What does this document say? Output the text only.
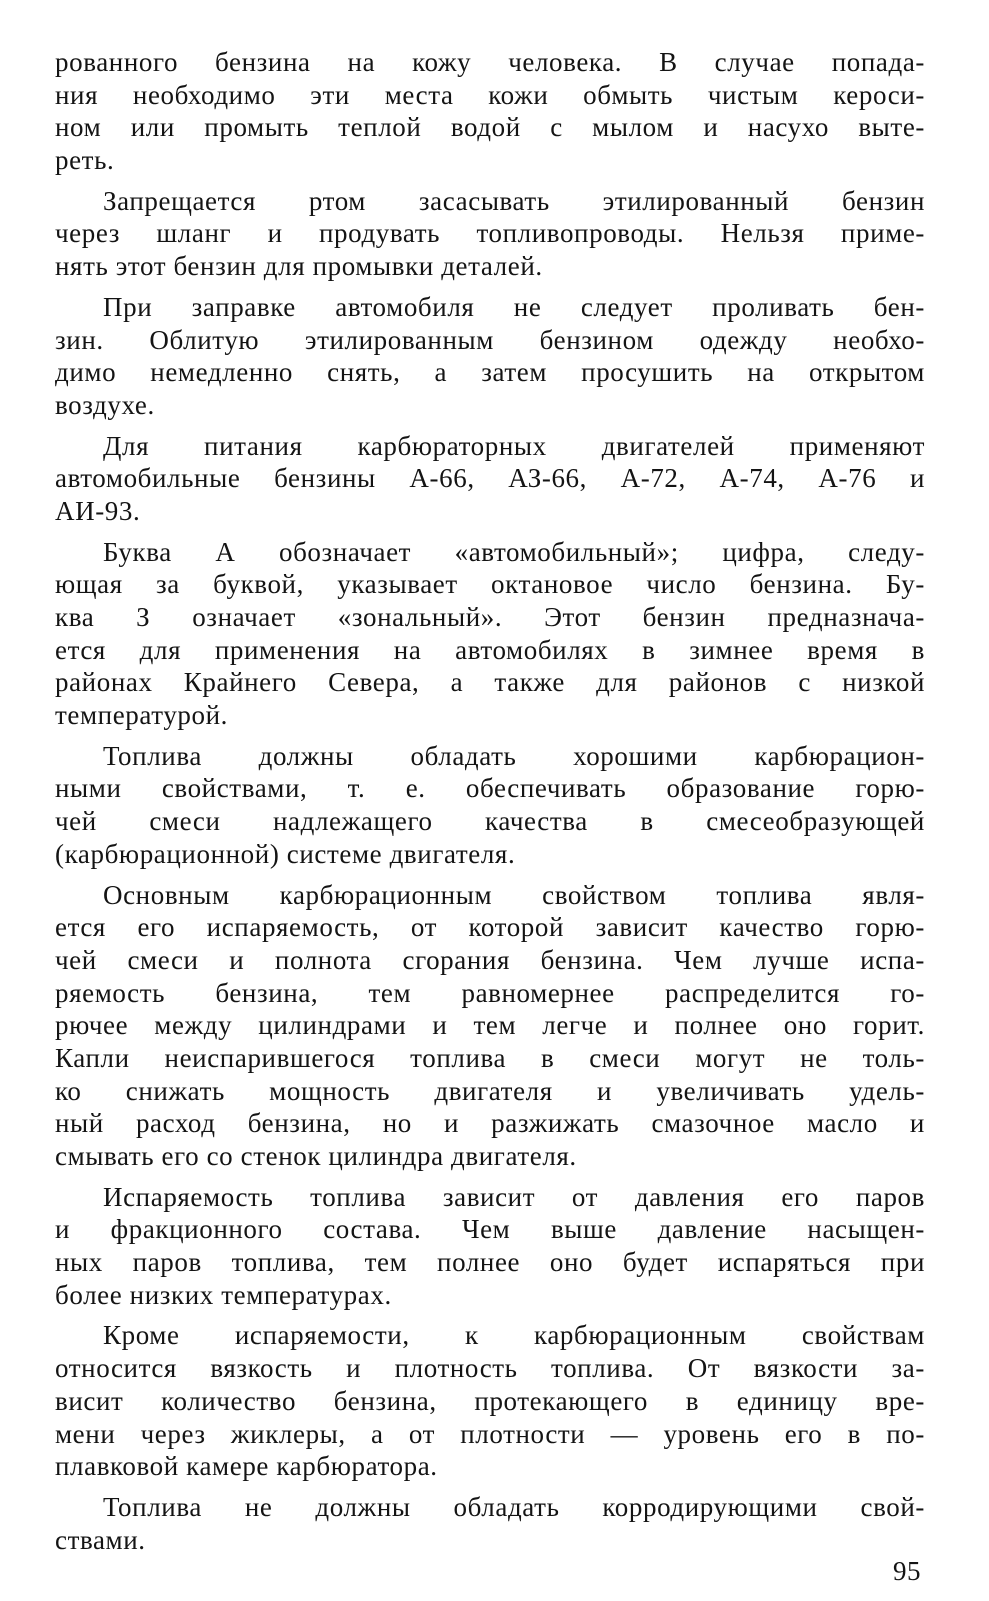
рованного бензина на кожу человека. В случае попада-
ния необходимо эти места кожи обмыть чистым кероси-
ном или промыть теплой водой с мылом и насухо выте-
реть.
Запрещается ртом засасывать этилированный бензин
через шланг и продувать топливопроводы. Нельзя приме-
нять этот бензин для промывки деталей.
При заправке автомобиля не следует проливать бен-
зин. Облитую этилированным бензином одежду необхо-
димо немедленно снять, а затем просушить на открытом
воздухе.
Для питания карбюраторных двигателей применяют
автомобильные бензины А-66, АЗ-66, А-72, А-74, А-76 и
АИ-93.
Буква А обозначает «автомобильный»; цифра, следу-
ющая за буквой, указывает октановое число бензина. Бу-
ква З означает «зональный». Этот бензин предназнача-
ется для применения на автомобилях в зимнее время в
районах Крайнего Севера, а также для районов с низкой
температурой.
Топлива должны обладать хорошими карбюрацион-
ными свойствами, т. е. обеспечивать образование горю-
чей смеси надлежащего качества в смесеобразующей
(карбюрационной) системе двигателя.
Основным карбюрационным свойством топлива явля-
ется его испаряемость, от которой зависит качество горю-
чей смеси и полнота сгорания бензина. Чем лучше испа-
ряемость бензина, тем равномернее распределится го-
рючее между цилиндрами и тем легче и полнее оно горит.
Капли неиспарившегося топлива в смеси могут не толь-
ко снижать мощность двигателя и увеличивать удель-
ный расход бензина, но и разжижать смазочное масло и
смывать его со стенок цилиндра двигателя.
Испаряемость топлива зависит от давления его паров
и фракционного состава. Чем выше давление насыщен-
ных паров топлива, тем полнее оно будет испаряться при
более низких температурах.
Кроме испаряемости, к карбюрационным свойствам
относится вязкость и плотность топлива. От вязкости за-
висит количество бензина, протекающего в единицу вре-
мени через жиклеры, а от плотности — уровень его в по-
плавковой камере карбюратора.
Топлива не должны обладать корродирующими свой-
ствами.
95
